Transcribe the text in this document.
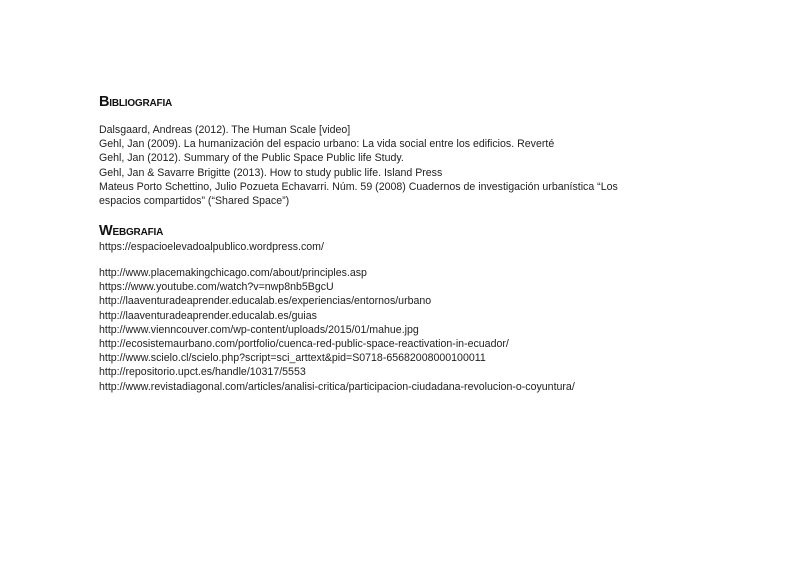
Bibliografia
Dalsgaard, Andreas (2012). The Human Scale [video]
Gehl, Jan (2009). La humanización del espacio urbano: La vida social entre los edificios. Reverté
Gehl, Jan (2012). Summary of the Public Space Public life Study.
Gehl, Jan & Savarre Brigitte (2013). How to study public life. Island Press
Mateus Porto Schettino, Julio Pozueta Echavarri. Núm. 59 (2008) Cuadernos de investigación urbanística “Los espacios compartidos” (“Shared Space”)
Webgrafia
https://espacioelevadoalpublico.wordpress.com/
http://www.placemakingchicago.com/about/principles.asp
https://www.youtube.com/watch?v=nwp8nb5BgcU
http://laaventuradeaprender.educalab.es/experiencias/entornos/urbano
http://laaventuradeaprender.educalab.es/guias
http://www.vienncouver.com/wp-content/uploads/2015/01/mahue.jpg
http://ecosistemaurbano.com/portfolio/cuenca-red-public-space-reactivation-in-ecuador/
http://www.scielo.cl/scielo.php?script=sci_arttext&pid=S0718-65682008000100011
http://repositorio.upct.es/handle/10317/5553
http://www.revistadiagonal.com/articles/analisi-critica/participacion-ciudadana-revolucion-o-coyuntura/
